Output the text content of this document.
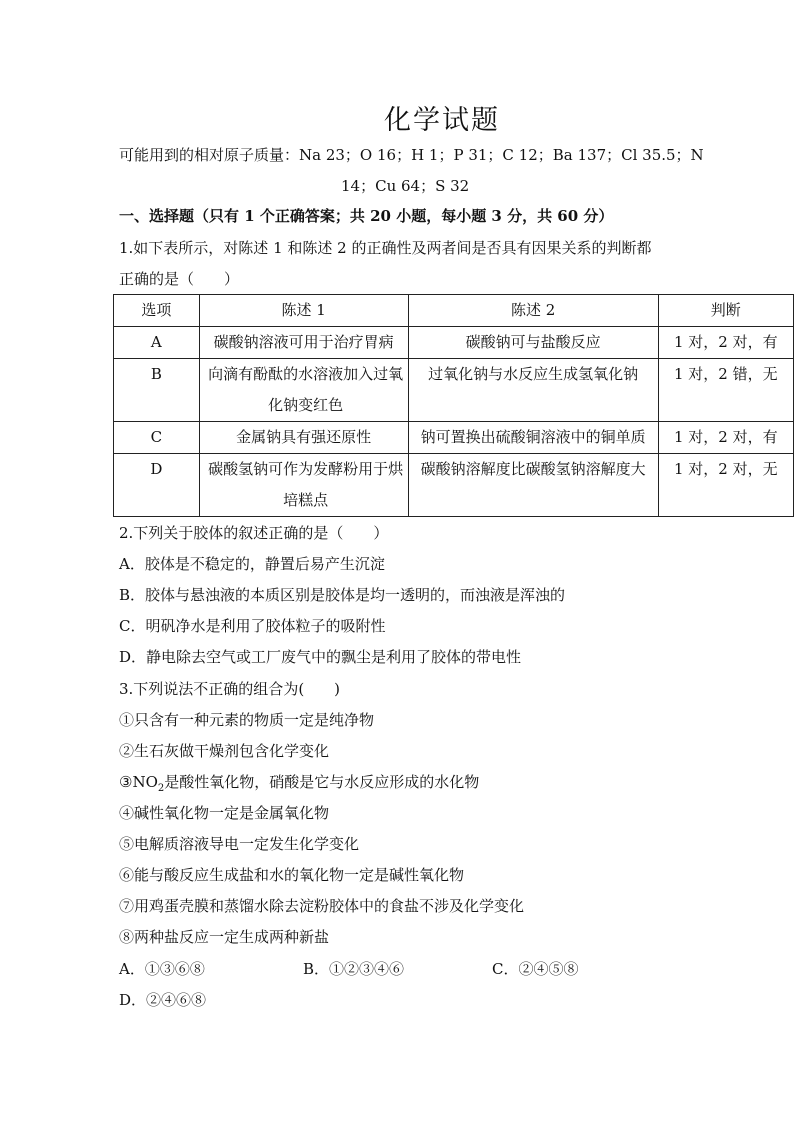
化学试题
可能用到的相对原子质量：Na 23；O 16；H 1；P 31；C 12；Ba 137；Cl 35.5；N
14；Cu 64；S 32
一、选择题（只有 1 个正确答案；共 20 小题，每小题 3 分，共 60 分）
1.如下表所示，对陈述 1 和陈述 2 的正确性及两者间是否具有因果关系的判断都
正确的是（　　）
选项	陈述 1	陈述 2	判断
A	碳酸钠溶液可用于治疗胃病	碳酸钠可与盐酸反应	1 对，2 对，有
B	向滴有酚酞的水溶液加入过氧化钠变红色	过氧化钠与水反应生成氢氧化钠	1 对，2 错，无
C	金属钠具有强还原性	钠可置换出硫酸铜溶液中的铜单质	1 对，2 对，有
D	碳酸氢钠可作为发酵粉用于烘培糕点	碳酸钠溶解度比碳酸氢钠溶解度大	1 对，2 对，无
2.下列关于胶体的叙述正确的是（　　）
A．胶体是不稳定的，静置后易产生沉淀
B．胶体与悬浊液的本质区别是胶体是均一透明的，而浊液是浑浊的
C．明矾净水是利用了胶体粒子的吸附性
D．静电除去空气或工厂废气中的飘尘是利用了胶体的带电性
3.下列说法不正确的组合为(　　)
①只含有一种元素的物质一定是纯净物
②生石灰做干燥剂包含化学变化
$③NO_2$是酸性氧化物，硝酸是它与水反应形成的水化物
④碱性氧化物一定是金属氧化物
⑤电解质溶液导电一定发生化学变化
⑥能与酸反应生成盐和水的氧化物一定是碱性氧化物
⑦用鸡蛋壳膜和蒸馏水除去淀粉胶体中的食盐不涉及化学变化
⑧两种盐反应一定生成两种新盐
A．①③⑥⑧	B．①②③④⑥	C．②④⑤⑧
D．②④⑥⑧
